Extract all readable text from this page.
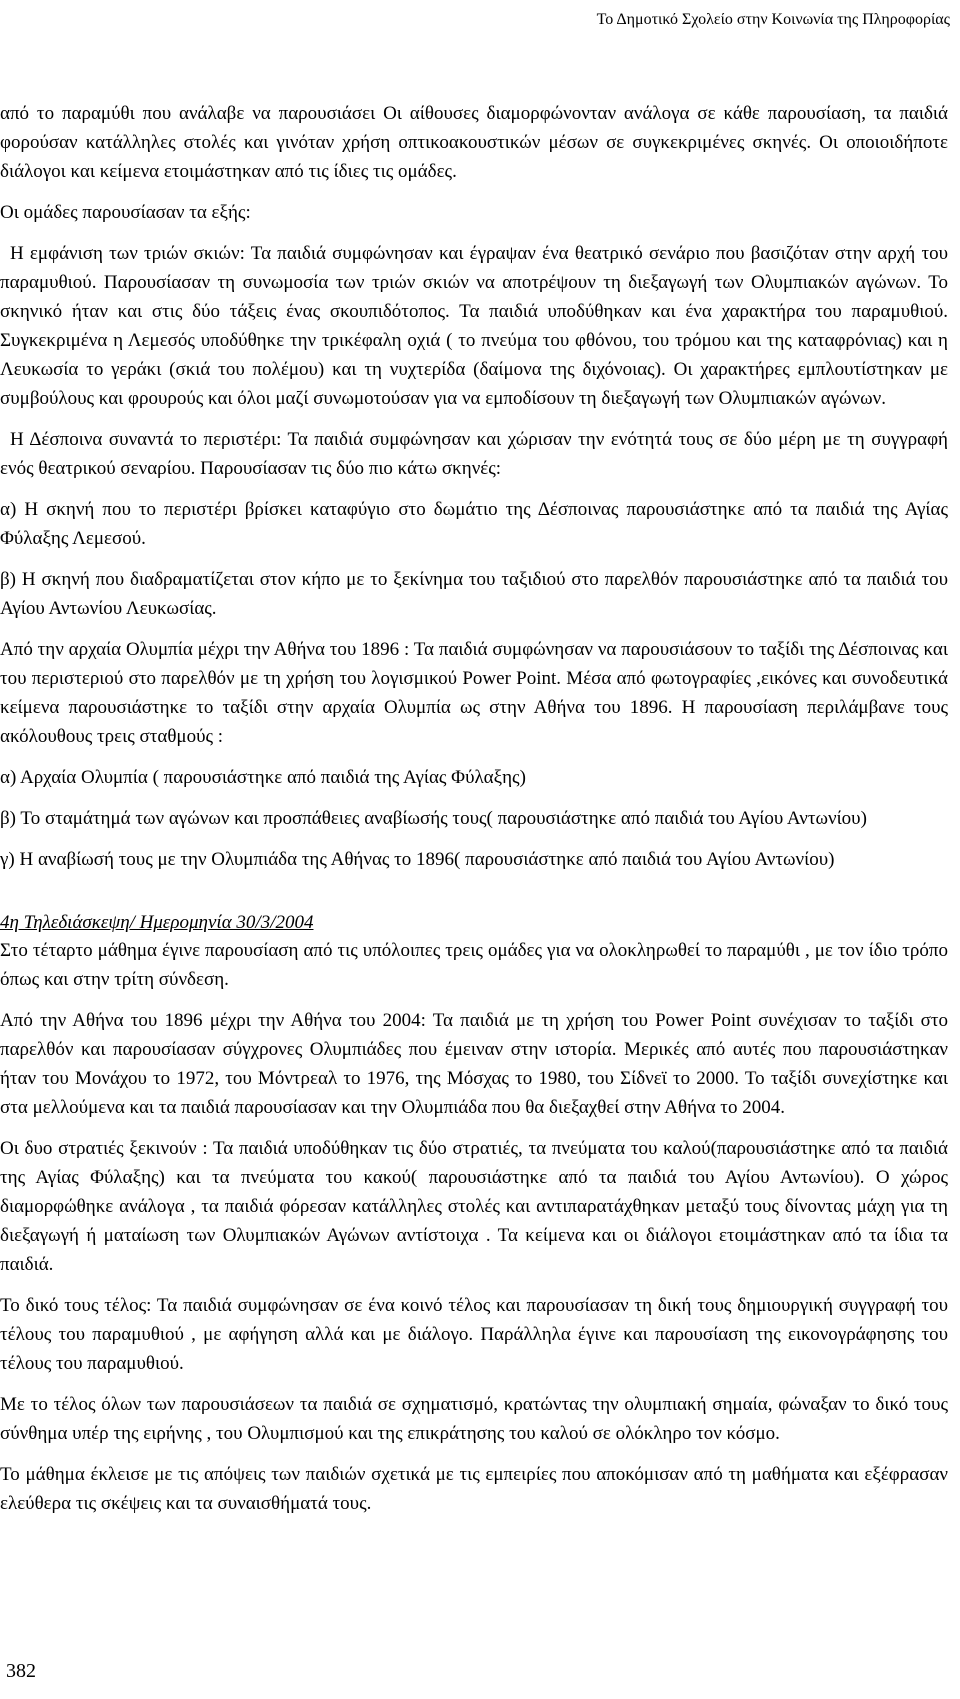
Το Δημοτικό Σχολείο στην Κοινωνία της Πληροφορίας

από το παραμύθι που ανάλαβε να παρουσιάσει Οι αίθουσες διαμορφώνονταν ανάλογα σε κάθε παρουσίαση, τα παιδιά φορούσαν κατάλληλες στολές και γινόταν χρήση οπτικοακουστικών μέσων σε συγκεκριμένες σκηνές. Οι οποιοιδήποτε διάλογοι και κείμενα ετοιμάστηκαν από τις ίδιες τις ομάδες.

Οι ομάδες παρουσίασαν τα εξής:

Η εμφάνιση των τριών σκιών: Τα παιδιά συμφώνησαν και έγραψαν ένα θεατρικό σενάριο που βασιζόταν στην αρχή του παραμυθιού. Παρουσίασαν τη συνωμοσία των τριών σκιών να αποτρέψουν τη διεξαγωγή των Ολυμπιακών αγώνων. Το σκηνικό ήταν και στις δύο τάξεις ένας σκουπιδότοπος. Τα παιδιά υποδύθηκαν και ένα χαρακτήρα του παραμυθιού. Συγκεκριμένα η Λεμεσός υποδύθηκε την τρικέφαλη οχιά ( το πνεύμα του φθόνου, του τρόμου και της καταφρόνιας) και η Λευκωσία το γεράκι (σκιά του πολέμου) και τη νυχτερίδα (δαίμονα της διχόνοιας). Οι χαρακτήρες εμπλουτίστηκαν με συμβούλους και φρουρούς και όλοι μαζί συνωμοτούσαν για να εμποδίσουν τη διεξαγωγή των Ολυμπιακών αγώνων.

Η Δέσποινα συναντά το περιστέρι: Τα παιδιά συμφώνησαν και χώρισαν την ενότητά τους σε δύο μέρη με τη συγγραφή ενός θεατρικού σεναρίου. Παρουσίασαν τις δύο πιο κάτω σκηνές:

α) Η σκηνή που το περιστέρι βρίσκει καταφύγιο στο δωμάτιο της Δέσποινας παρουσιάστηκε από τα παιδιά της Αγίας Φύλαξης Λεμεσού.

β) Η σκηνή που διαδραματίζεται στον κήπο με το ξεκίνημα του ταξιδιού στο παρελθόν παρουσιάστηκε από τα παιδιά του Αγίου Αντωνίου Λευκωσίας.

Από την αρχαία Ολυμπία μέχρι την Αθήνα του 1896 : Τα παιδιά συμφώνησαν να παρουσιάσουν το ταξίδι της Δέσποινας και του περιστεριού στο παρελθόν με τη χρήση του λογισμικού Power Point. Μέσα από φωτογραφίες ,εικόνες και συνοδευτικά κείμενα παρουσιάστηκε το ταξίδι στην αρχαία Ολυμπία ως στην Αθήνα του 1896. Η παρουσίαση περιλάμβανε τους ακόλουθους τρεις σταθμούς :

α) Αρχαία Ολυμπία ( παρουσιάστηκε από παιδιά της Αγίας Φύλαξης)

β) Το σταμάτημά των αγώνων και προσπάθειες αναβίωσής τους( παρουσιάστηκε από παιδιά του Αγίου Αντωνίου)

γ) Η αναβίωσή τους με την Ολυμπιάδα της Αθήνας το 1896( παρουσιάστηκε από παιδιά του Αγίου Αντωνίου)

4η Τηλεδιάσκεψη/ Ημερομηνία 30/3/2004

Στο τέταρτο μάθημα έγινε παρουσίαση από τις υπόλοιπες τρεις ομάδες για να ολοκληρωθεί το παραμύθι , με τον ίδιο τρόπο όπως και στην τρίτη σύνδεση.

Από την Αθήνα του 1896 μέχρι την Αθήνα του 2004: Τα παιδιά με τη χρήση του Power Point συνέχισαν το ταξίδι στο παρελθόν και παρουσίασαν σύγχρονες Ολυμπιάδες που έμειναν στην ιστορία. Μερικές από αυτές που παρουσιάστηκαν ήταν του Μονάχου το 1972, του Μόντρεαλ το 1976, της Μόσχας το 1980, του Σίδνεϊ το 2000. Το ταξίδι συνεχίστηκε και στα μελλούμενα και τα παιδιά παρουσίασαν και την Ολυμπιάδα που θα διεξαχθεί στην Αθήνα το 2004.

Οι δυο στρατιές ξεκινούν : Τα παιδιά υποδύθηκαν τις δύο στρατιές, τα πνεύματα του καλού(παρουσιάστηκε από τα παιδιά της Αγίας Φύλαξης) και τα πνεύματα του κακού( παρουσιάστηκε από τα παιδιά του Αγίου Αντωνίου). Ο χώρος διαμορφώθηκε ανάλογα , τα παιδιά φόρεσαν κατάλληλες στολές και αντιπαρατάχθηκαν μεταξύ τους δίνοντας μάχη για τη διεξαγωγή ή ματαίωση των Ολυμπιακών Αγώνων αντίστοιχα . Τα κείμενα και οι διάλογοι ετοιμάστηκαν από τα ίδια τα παιδιά.

Το δικό τους τέλος: Τα παιδιά συμφώνησαν σε ένα κοινό τέλος και παρουσίασαν τη δική τους δημιουργική συγγραφή του τέλους του παραμυθιού , με αφήγηση αλλά και με διάλογο. Παράλληλα έγινε και παρουσίαση της εικονογράφησης του τέλους του παραμυθιού.

Με το τέλος όλων των παρουσιάσεων τα παιδιά σε σχηματισμό, κρατώντας την ολυμπιακή σημαία, φώναξαν το δικό τους σύνθημα υπέρ της ειρήνης , του Ολυμπισμού και της επικράτησης του καλού σε ολόκληρο τον κόσμο.

Το μάθημα έκλεισε με τις απόψεις των παιδιών σχετικά με τις εμπειρίες που αποκόμισαν από τη μαθήματα και εξέφρασαν ελεύθερα τις σκέψεις και τα συναισθήματά τους.

382
